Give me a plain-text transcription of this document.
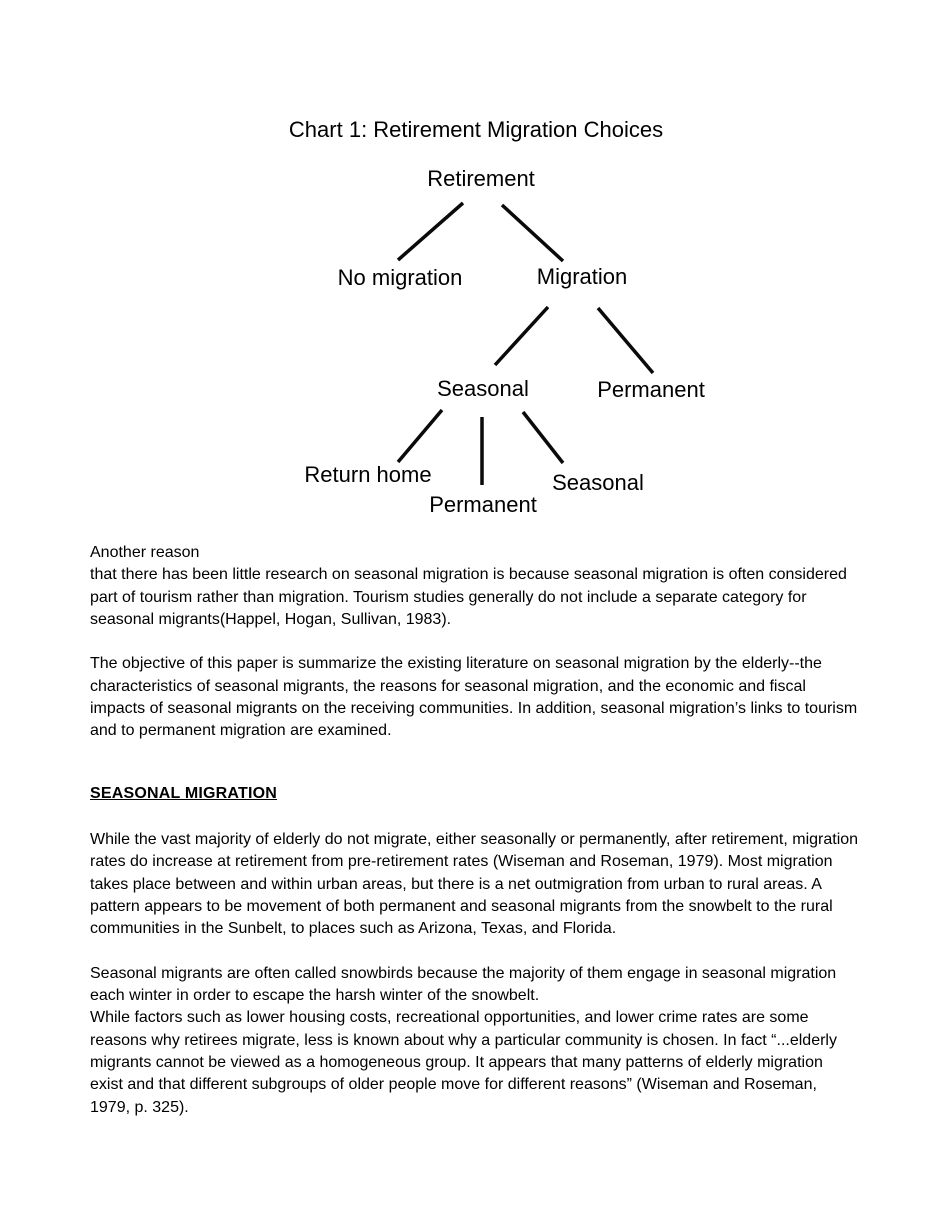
Chart 1: Retirement Migration Choices
Retirement
No migration	Migration
Seasonal	Permanent
Return home
Permanent
Seasonal

Another reason
that there has been little research on seasonal migration is because seasonal migration is often considered part of tourism rather than migration. Tourism studies generally do not include a separate category for seasonal migrants(Happel, Hogan, Sullivan, 1983).

The objective of this paper is summarize the existing literature on seasonal migration by the elderly--the characteristics of seasonal migrants, the reasons for seasonal migration, and the economic and fiscal impacts of seasonal migrants on the receiving communities. In addition, seasonal migration’s links to tourism and to permanent migration are examined.

SEASONAL MIGRATION

While the vast majority of elderly do not migrate, either seasonally or permanently, after retirement, migration rates do increase at retirement from pre-retirement rates (Wiseman and Roseman, 1979). Most migration takes place between and within urban areas, but there is a net outmigration from urban to rural areas. A pattern appears to be movement of both permanent and seasonal migrants from the snowbelt to the rural communities in the Sunbelt, to places such as Arizona, Texas, and Florida.

Seasonal migrants are often called snowbirds because the majority of them engage in seasonal migration each winter in order to escape the harsh winter of the snowbelt.
While factors such as lower housing costs, recreational opportunities, and lower crime rates are some reasons why retirees migrate, less is known about why a particular community is chosen. In fact “...elderly migrants cannot be viewed as a homogeneous group. It appears that many patterns of elderly migration exist and that different subgroups of older people move for different reasons” (Wiseman and Roseman, 1979, p. 325).
